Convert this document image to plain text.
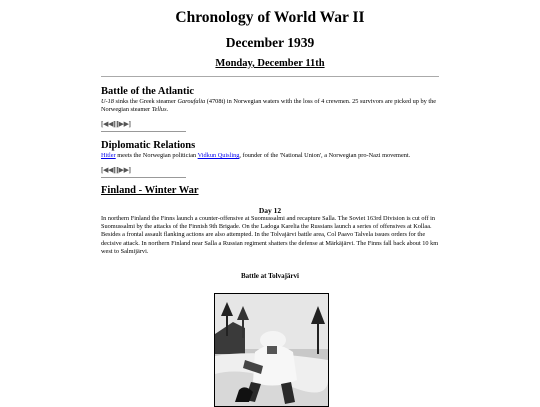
Chronology of World War II
December 1939
Monday, December 11th
Battle of the Atlantic
U-18 sinks the Greek steamer Garoufalia (4708t) in Norwegian waters with the loss of 4 crewmen. 25 survivors are picked up by the Norwegian steamer Tellus.
[◀◀]|[▶▶]
Diplomatic Relations
Hitler meets the Norwegian politician Vidkun Quisling, founder of the 'National Union', a Norwegian pro-Nazi movement.
[◀◀]|[▶▶]
Finland - Winter War
Day 12
In northern Finland the Finns launch a counter-offensive at Suomussalmi and recapture Salla. The Soviet 163rd Division is cut off in Suomussalmi by the attacks of the Finnish 9th Brigade. On the Ladoga Karelia the Russians launch a series of offensives at Kollaa. Besides a frontal assault flanking actions are also attempted. In the Tolvajärvi battle area, Col Paavo Talvela issues orders for the decisive attack. In northern Finland near Salla a Russian regiment shatters the defense at Märkäjärvi. The Finns fall back about 10 km west to Salmijärvi.
Battle at Tolvajärvi
